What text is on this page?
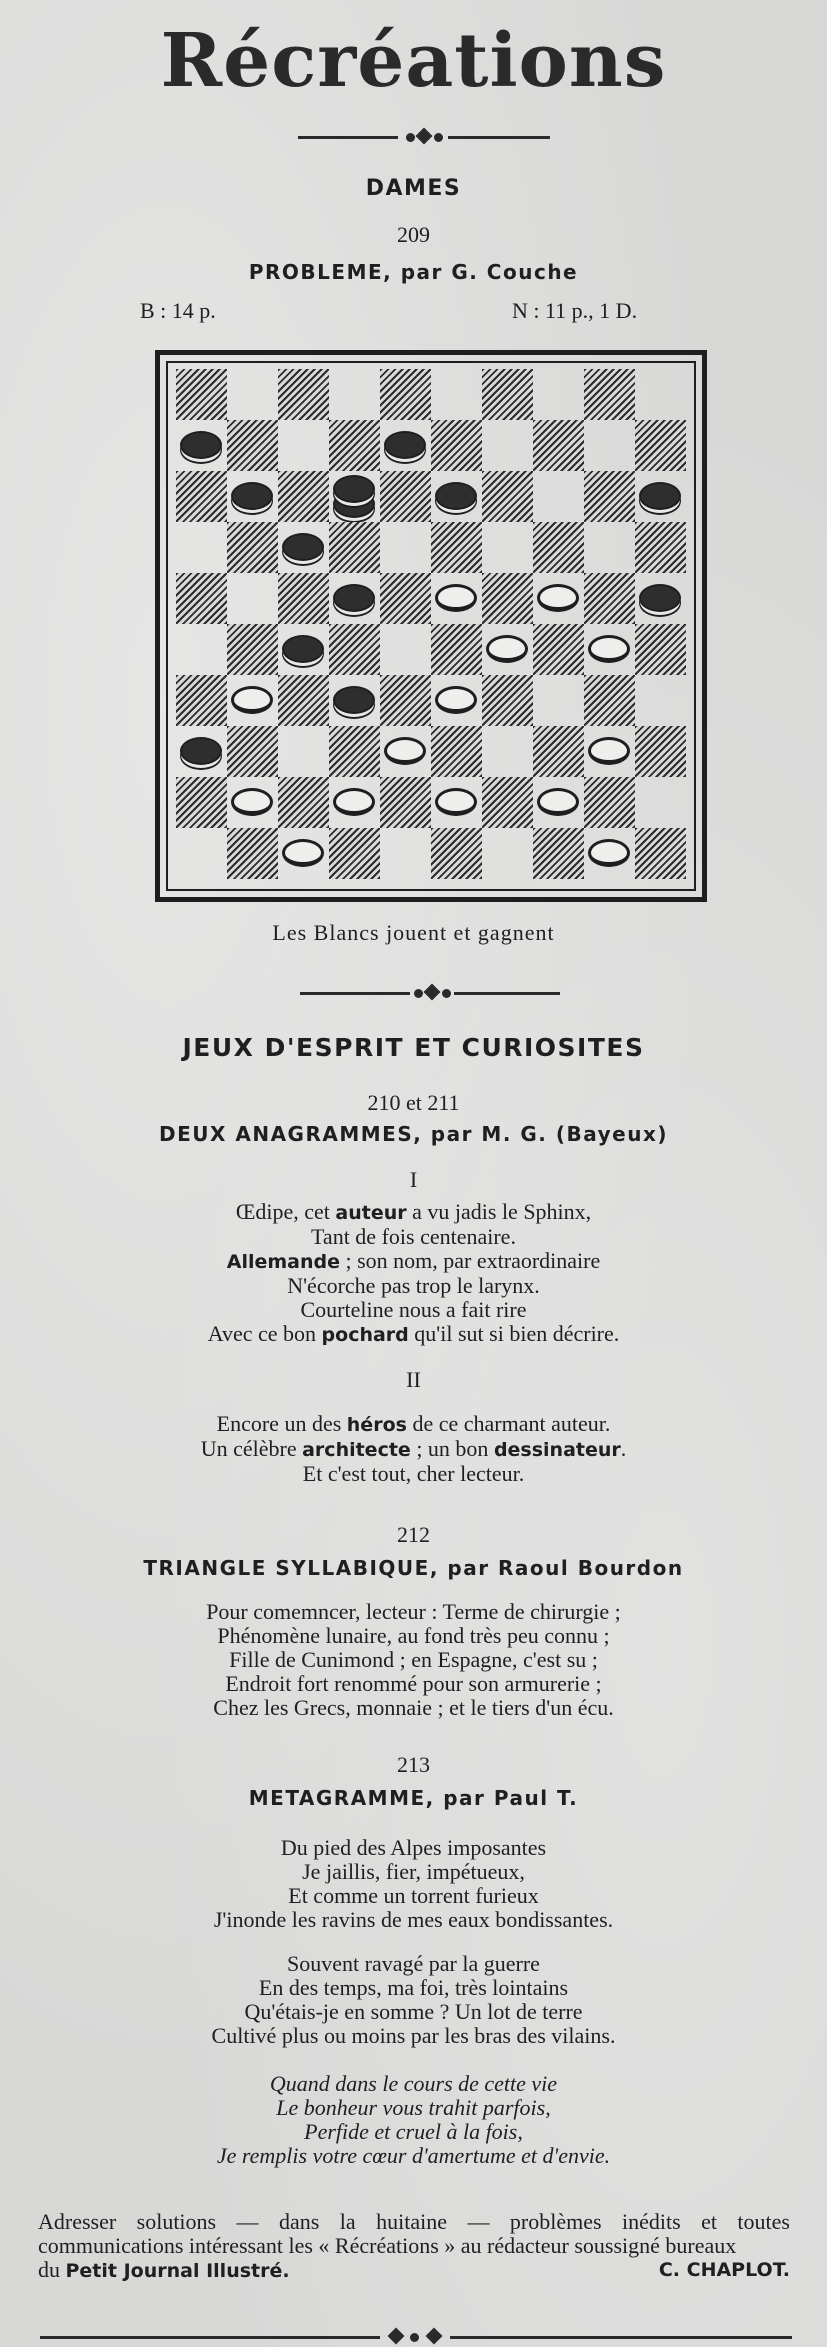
Récréations
DAMES
209
PROBLEME, par G. Couche
B : 14 p.	N : 11 p., 1 D.
Les Blancs jouent et gagnent
JEUX D'ESPRIT ET CURIOSITES
210 et 211
DEUX ANAGRAMMES, par M. G. (Bayeux)
I
Œdipe, cet auteur a vu jadis le Sphinx,
Tant de fois centenaire.
Allemande ; son nom, par extraordinaire
N'écorche pas trop le larynx.
Courteline nous a fait rire
Avec ce bon pochard qu'il sut si bien décrire.
II
Encore un des héros de ce charmant auteur.
Un célèbre architecte ; un bon dessinateur.
Et c'est tout, cher lecteur.
212
TRIANGLE SYLLABIQUE, par Raoul Bourdon
Pour comemncer, lecteur : Terme de chirurgie ;
Phénomène lunaire, au fond très peu connu ;
Fille de Cunimond ; en Espagne, c'est su ;
Endroit fort renommé pour son armurerie ;
Chez les Grecs, monnaie ; et le tiers d'un écu.
213
METAGRAMME, par Paul T.
Du pied des Alpes imposantes
Je jaillis, fier, impétueux,
Et comme un torrent furieux
J'inonde les ravins de mes eaux bondissantes.
Souvent ravagé par la guerre
En des temps, ma foi, très lointains
Qu'étais-je en somme ? Un lot de terre
Cultivé plus ou moins par les bras des vilains.
Quand dans le cours de cette vie
Le bonheur vous trahit parfois,
Perfide et cruel à la fois,
Je remplis votre cœur d'amertume et d'envie.
Adresser solutions — dans la huitaine — problèmes inédits et toutes communications intéressant les « Récréations » au rédacteur soussigné bureaux
du Petit Journal Illustré.	C. CHAPLOT.
